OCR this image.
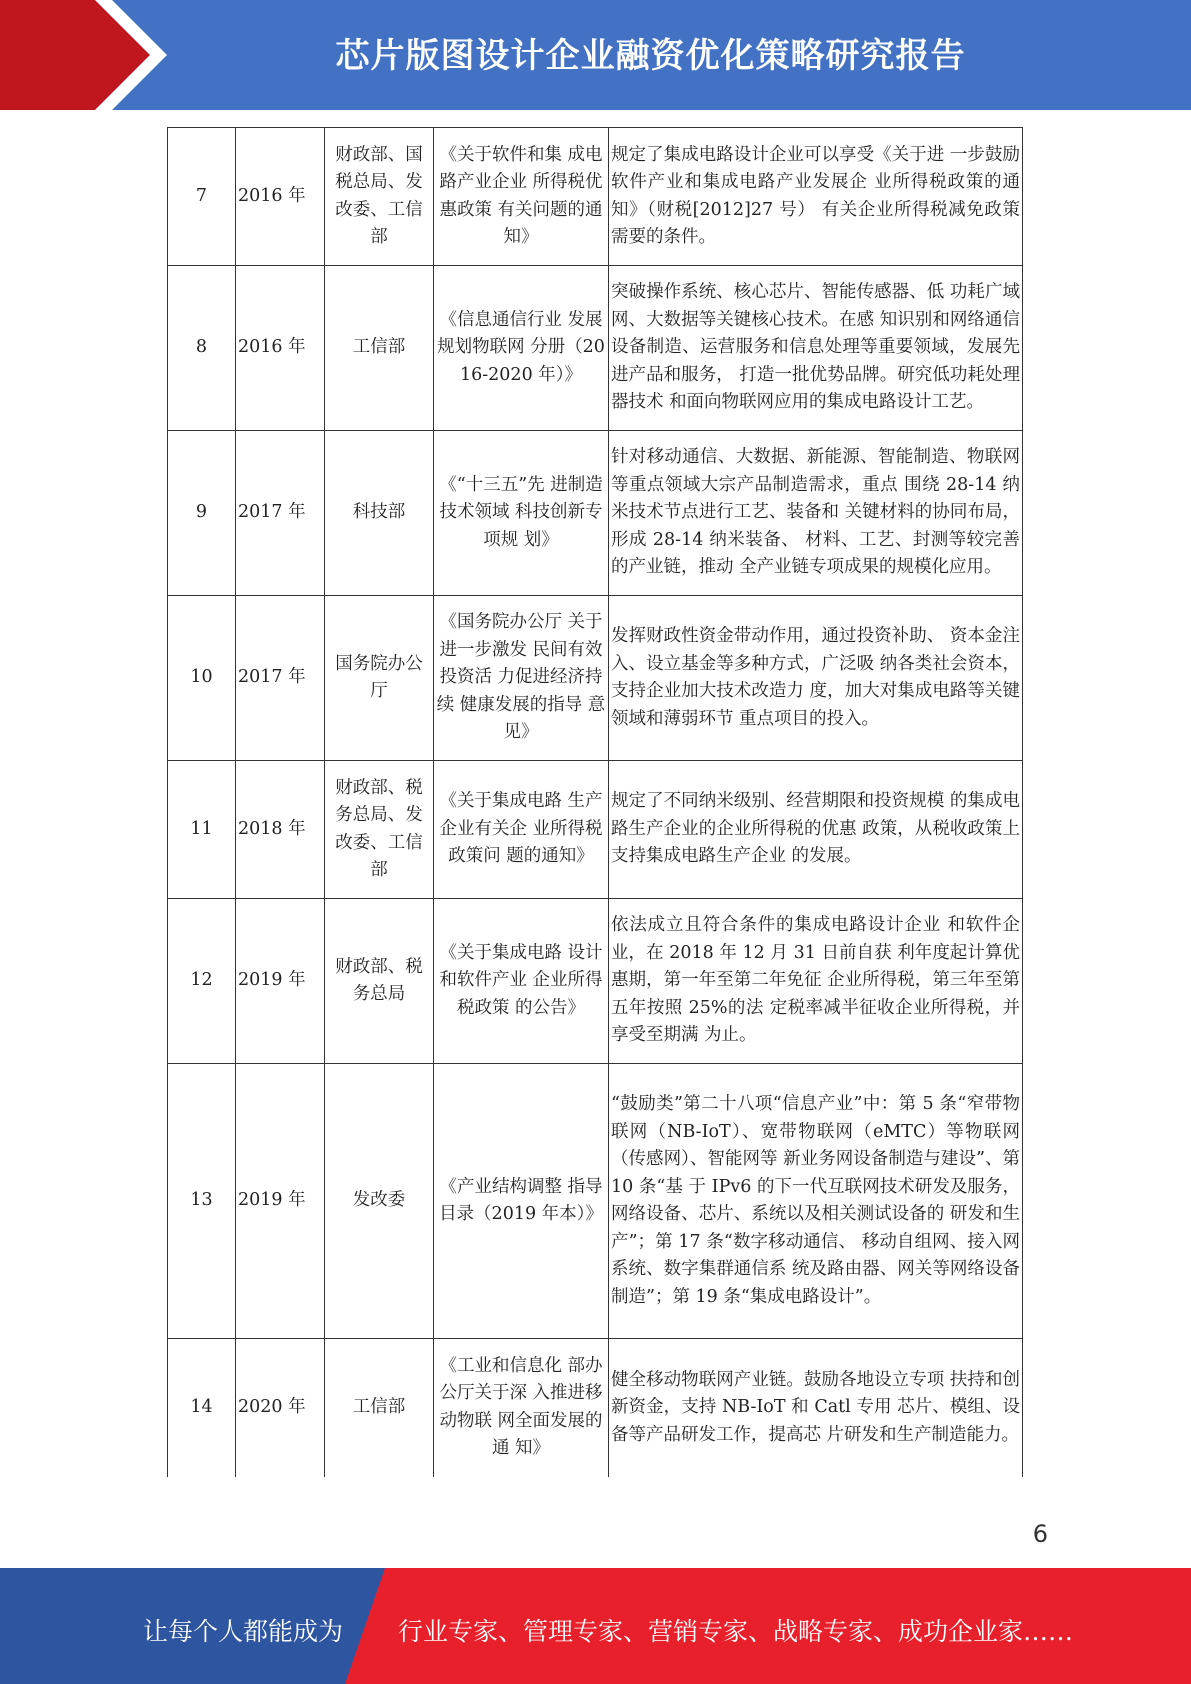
芯片版图设计企业融资优化策略研究报告
7	2016 年	财政部、国税总局、发改委、工信部	《关于软件和集 成电路产业企业 所得税优惠政策 有关问题的通 知》	规定了集成电路设计企业可以享受《关于进 一步鼓励软件产业和集成电路产业发展企 业所得税政策的通知》（财税[2012]27 号） 有关企业所得税减免政策需要的条件。
8	2016 年	工信部	《信息通信行业 发展规划物联网 分册（2016-2020 年）》	突破操作系统、核心芯片、智能传感器、低 功耗广域网、大数据等关键核心技术。在感 知识别和网络通信设备制造、运营服务和信息处理等重要领域，发展先进产品和服务， 打造一批优势品牌。研究低功耗处理器技术 和面向物联网应用的集成电路设计工艺。
9	2017 年	科技部	《“十三五”先 进制造技术领域 科技创新专项规 划》	针对移动通信、大数据、新能源、智能制造、物联网等重点领域大宗产品制造需求，重点 围绕 28-14 纳米技术节点进行工艺、装备和 关键材料的协同布局，形成 28-14 纳米装备、 材料、工艺、封测等较完善的产业链，推动 全产业链专项成果的规模化应用。
10	2017 年	国务院办公厅	《国务院办公厅 关于进一步激发 民间有效投资活 力促进经济持续 健康发展的指导 意见》	发挥财政性资金带动作用，通过投资补助、 资本金注入、设立基金等多种方式，广泛吸 纳各类社会资本，支持企业加大技术改造力 度，加大对集成电路等关键领域和薄弱环节 重点项目的投入。
11	2018 年	财政部、税务总局、发改委、工信部	《关于集成电路 生产企业有关企 业所得税政策问 题的通知》	规定了不同纳米级别、经营期限和投资规模 的集成电路生产企业的企业所得税的优惠 政策，从税收政策上支持集成电路生产企业 的发展。
12	2019 年	财政部、税务总局	《关于集成电路 设计和软件产业 企业所得税政策 的公告》	依法成立且符合条件的集成电路设计企业 和软件企业，在 2018 年 12 月 31 日前自获 利年度起计算优惠期，第一年至第二年免征 企业所得税，第三年至第五年按照 25%的法 定税率减半征收企业所得税，并享受至期满 为止。
13	2019 年	发改委	《产业结构调整 指导目录（2019 年本）》	“鼓励类”第二十八项“信息产业”中：第 5 条“窄带物联网（NB-IoT）、宽带物联网（eMTC）等物联网（传感网）、智能网等 新业务网设备制造与建设”、第 10 条“基 于 IPv6 的下一代互联网技术研发及服务， 网络设备、芯片、系统以及相关测试设备的 研发和生产”；第 17 条“数字移动通信、 移动自组网、接入网系统、数字集群通信系 统及路由器、网关等网络设备制造”；第 19 条“集成电路设计”。
14	2020 年	工信部	《工业和信息化 部办公厅关于深 入推进移动物联 网全面发展的通 知》	健全移动物联网产业链。鼓励各地设立专项 扶持和创新资金，支持 NB-IoT 和 Catl 专用 芯片、模组、设备等产品研发工作，提高芯 片研发和生产制造能力。
6
让每个人都能成为 行业专家、管理专家、营销专家、战略专家、成功企业家……
